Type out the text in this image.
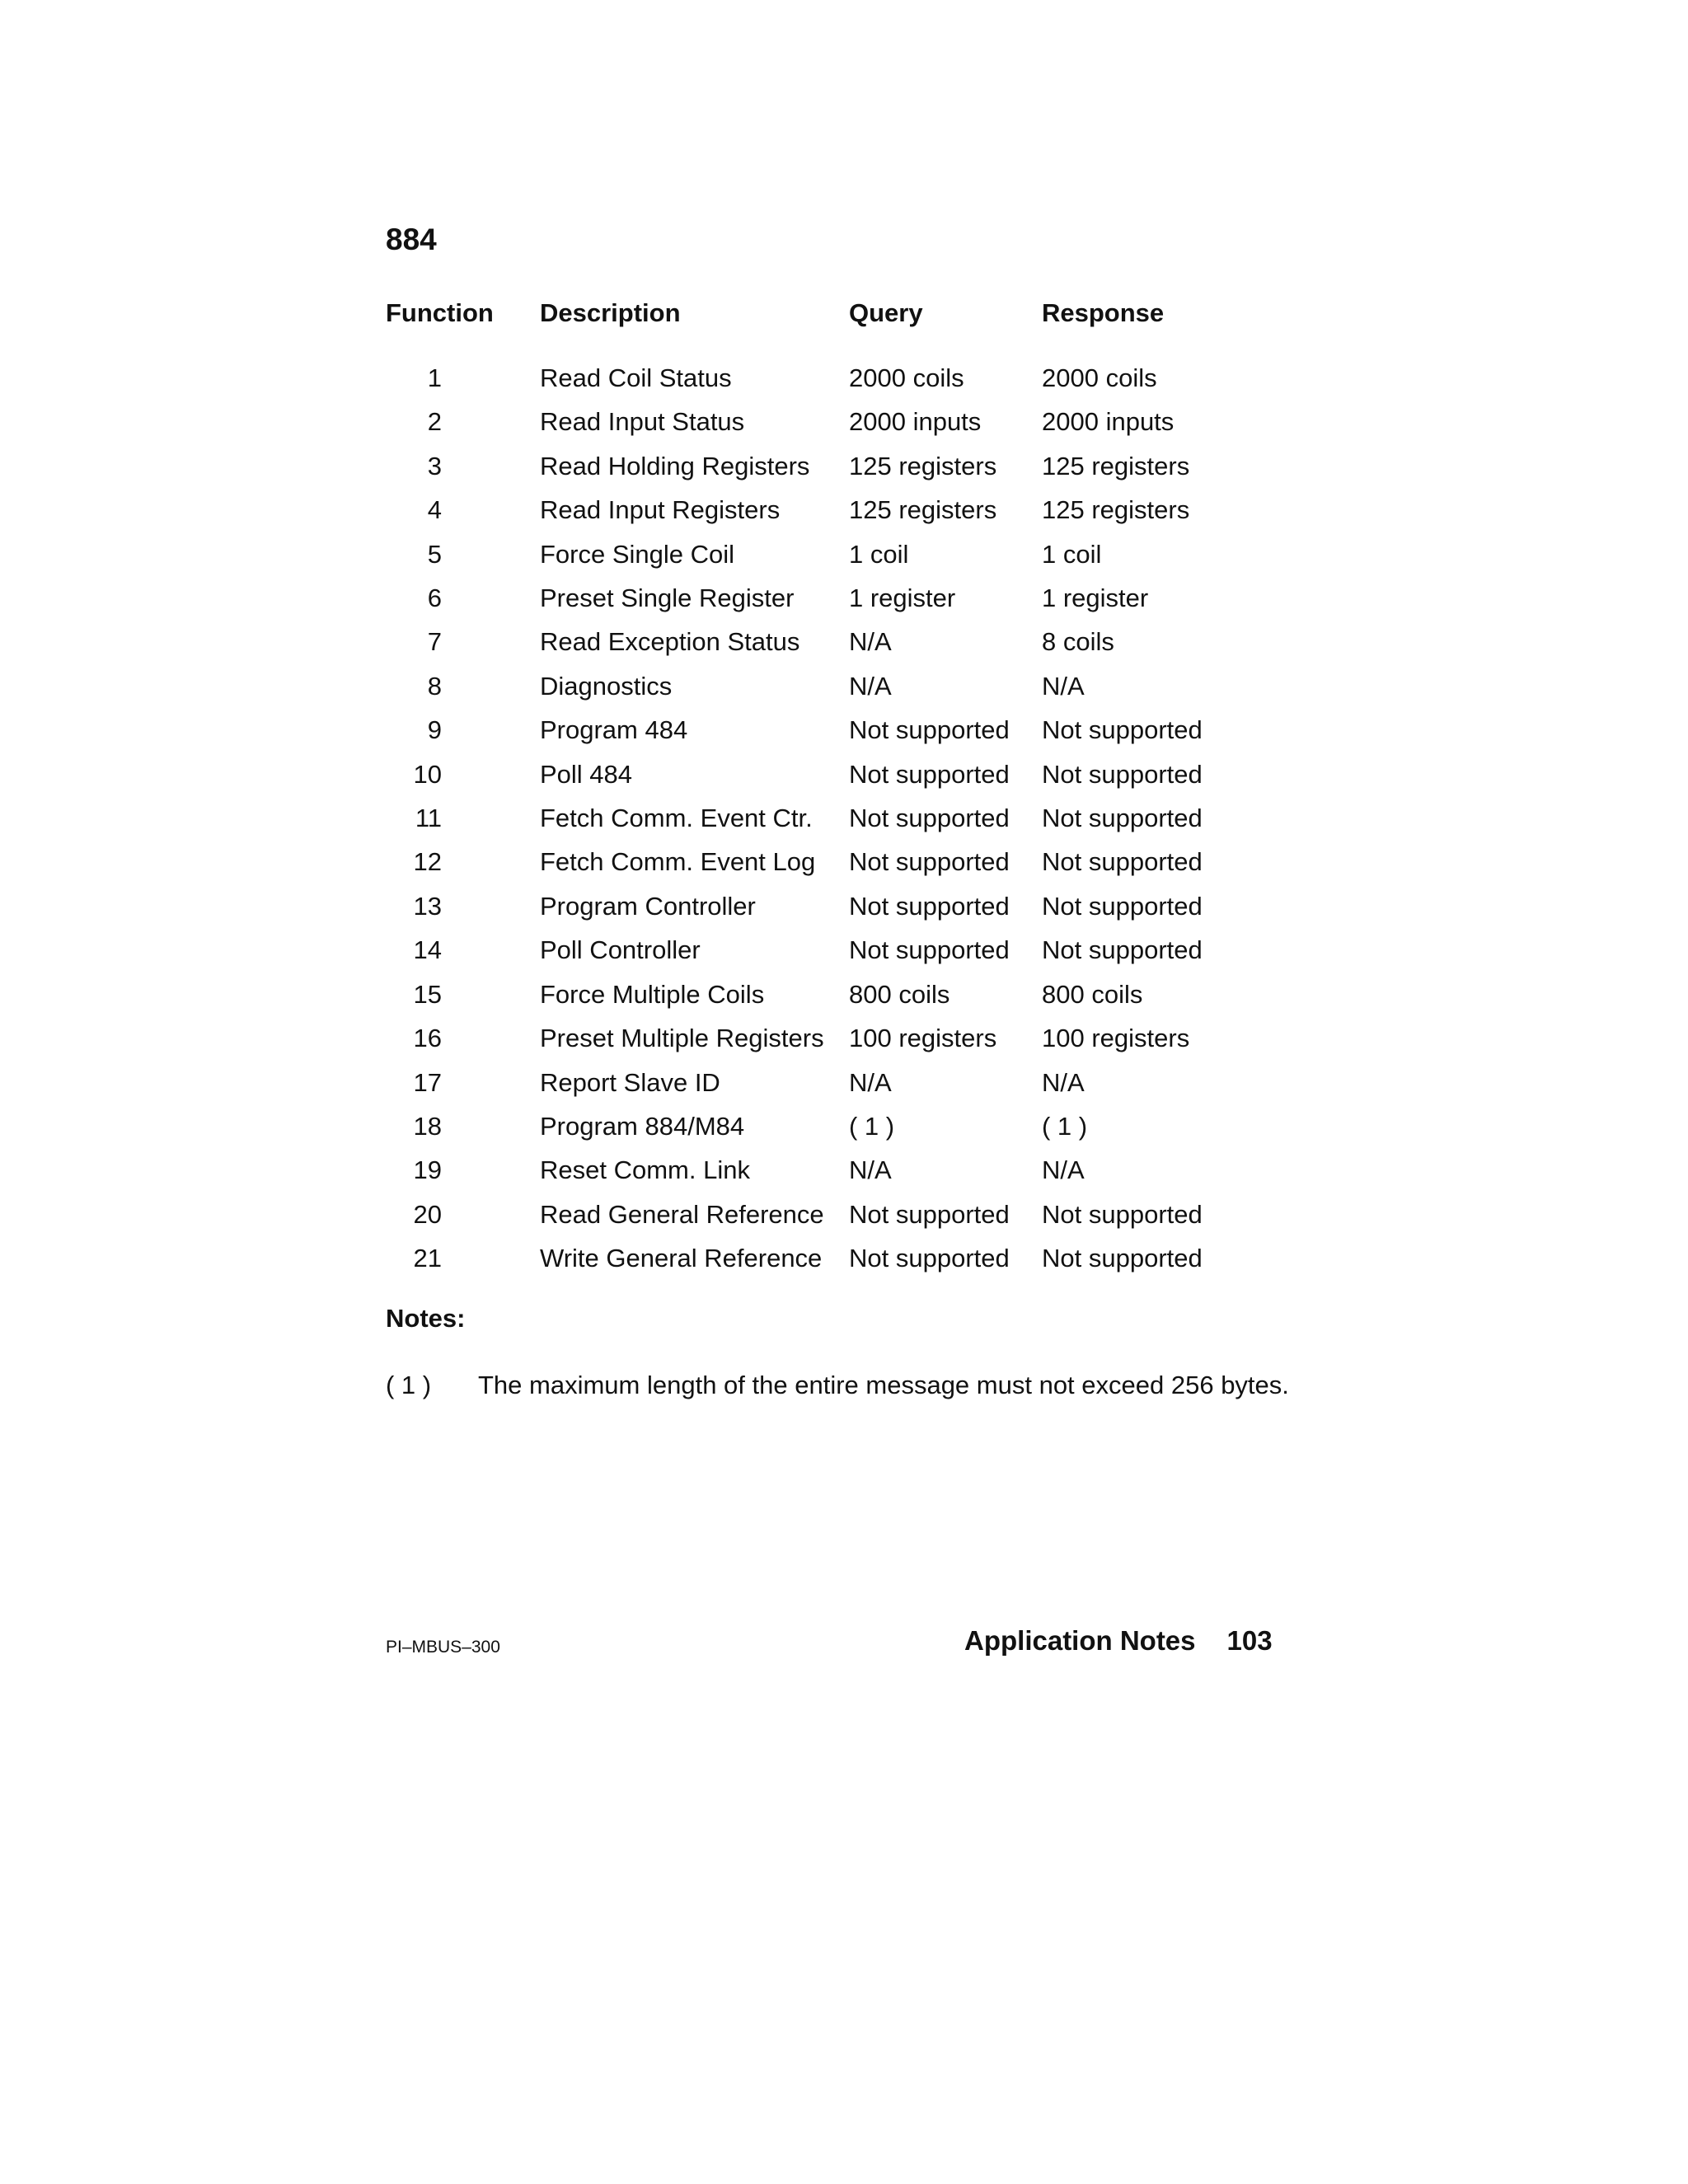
884
Function	Description	Query	Response

1	Read Coil Status	2000 coils	2000 coils
2	Read Input Status	2000 inputs	2000 inputs
3	Read Holding Registers	125 registers	125 registers
4	Read Input Registers	125 registers	125 registers
5	Force Single Coil	1 coil	1 coil
6	Preset Single Register	1 register	1 register
7	Read Exception Status	N/A	8 coils
8	Diagnostics	N/A	N/A
9	Program 484	Not supported	Not supported
10	Poll 484	Not supported	Not supported
11	Fetch Comm. Event Ctr.	Not supported	Not supported
12	Fetch Comm. Event Log	Not supported	Not supported
13	Program Controller	Not supported	Not supported
14	Poll Controller	Not supported	Not supported
15	Force Multiple Coils	800 coils	800 coils
16	Preset Multiple Registers	100 registers	100 registers
17	Report Slave ID	N/A	N/A
18	Program 884/M84	( 1 )	( 1 )
19	Reset Comm. Link	N/A	N/A
20	Read General Reference	Not supported	Not supported
21	Write General Reference	Not supported	Not supported
Notes:
( 1 )	The maximum length of the entire message must not exceed 256 bytes.
PI–MBUS–300	Application Notes 103
